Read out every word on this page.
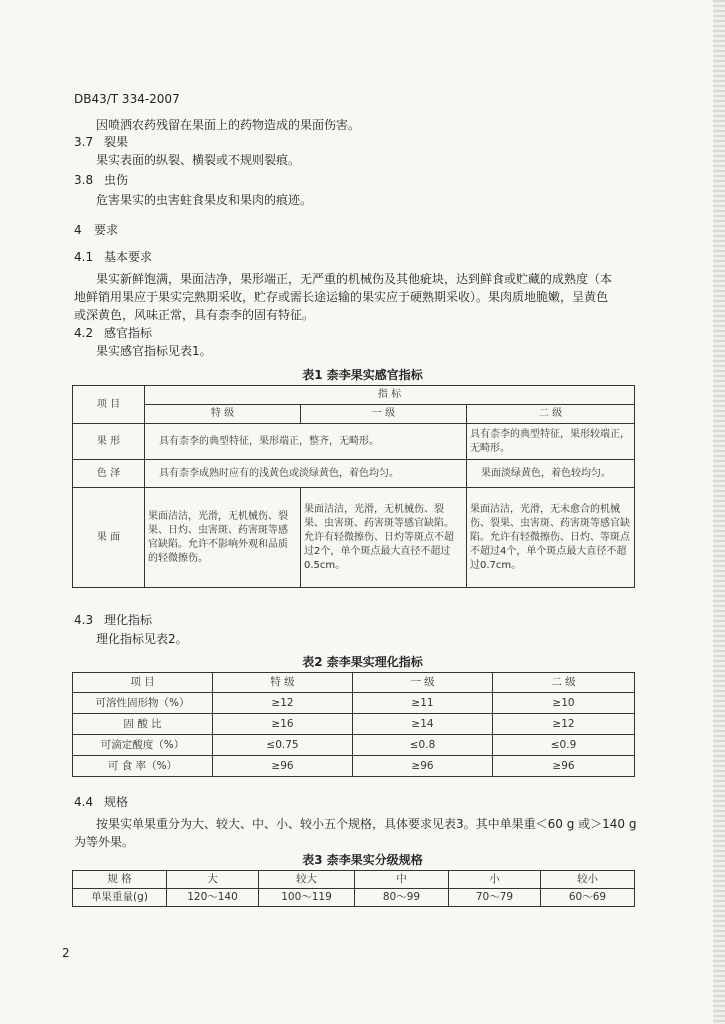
DB43/T 334-2007
因喷洒农药残留在果面上的药物造成的果面伤害。
3.7 裂果
果实表面的纵裂、横裂或不规则裂痕。
3.8 虫伤
危害果实的虫害蛀食果皮和果肉的痕迹。
4 要求
4.1 基本要求
果实新鲜饱满，果面洁净，果形端正，无严重的机械伤及其他疵块，达到鲜食或贮藏的成熟度（本
地鲜销用果应于果实完熟期采收，贮存或需长途运输的果实应于硬熟期采收）。果肉质地脆嫩，呈黄色
或深黄色，风味正常，具有柰李的固有特征。
4.2 感官指标
果实感官指标见表1。
表1 柰李果实感官指标
项 目	指 标		
	特 级	一 级	二 级
果 形	具有柰李的典型特征，果形端正，整齐，无畸形。		具有柰李的典型特征，果形较端正，无畸形。
色 泽	具有柰李成熟时应有的浅黄色或淡绿黄色，着色均匀。		果面淡绿黄色，着色较均匀。
果 面	果面洁洁，光滑，无机械伤、裂果、日灼、虫害斑、药害斑等感官缺陷。允许不影响外观和品质的轻微擦伤。	果面洁洁，光滑，无机械伤、裂果、虫害斑、药害斑等感官缺陷。允许有轻微擦伤、日灼等斑点不超过2个，单个斑点最大直径不超过0.5cm。	果面洁洁，光滑，无未愈合的机械伤、裂果、虫害斑、药害斑等感官缺陷。允许有轻微擦伤、日灼、等斑点不超过4个，单个斑点最大直径不超过0.7cm。
4.3 理化指标
理化指标见表2。
表2 柰李果实理化指标
项 目	特 级	一 级	二 级
可溶性固形物（%）	≥12	≥11	≥10
固 酸 比	≥16	≥14	≥12
可滴定酸度（%）	≤0.75	≤0.8	≤0.9
可 食 率（%）	≥96	≥96	≥96
4.4 规格
按果实单果重分为大、较大、中、小、较小五个规格，具体要求见表3。其中单果重＜60 g 或＞140 g
为等外果。
表3 柰李果实分级规格
规 格	大	较大	中	小	较小
单果重量(g)	120～140	100～119	80～99	70～79	60～69
2
